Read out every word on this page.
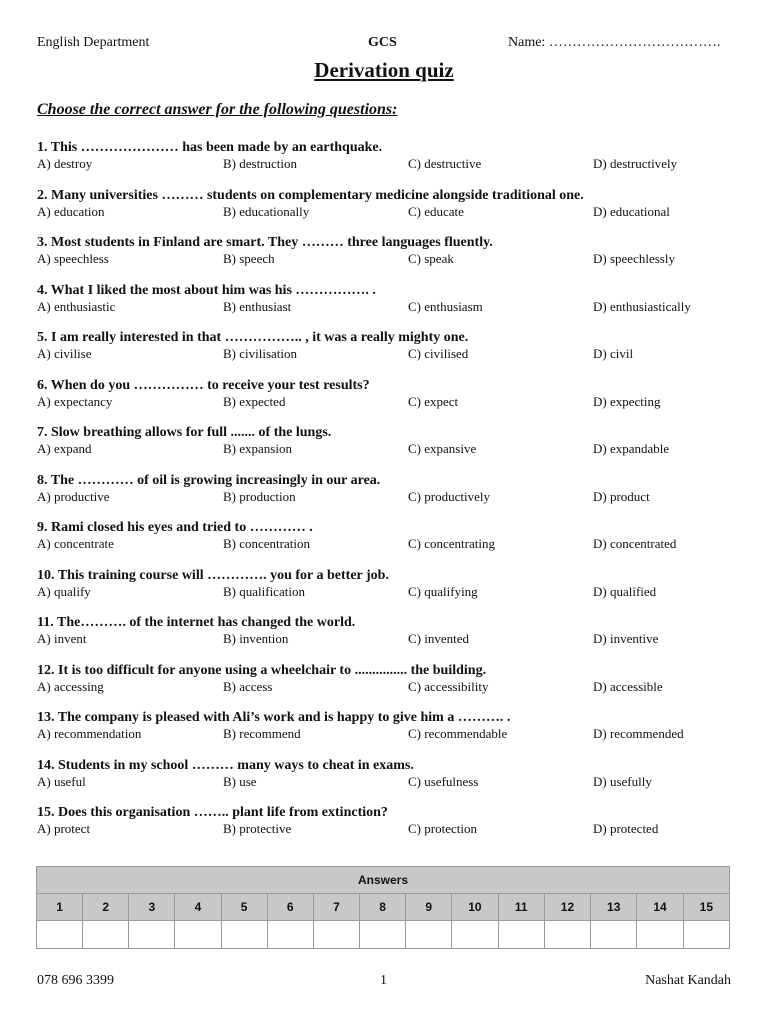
English Department	GCS	Name: ……………………………….
Derivation quiz
Choose the correct answer for the following questions:
1. This ………………… has been made by an earthquake.
A) destroy	B) destruction	C) destructive	D) destructively
2. Many universities ……… students on complementary medicine alongside traditional one.
A) education	B) educationally	C) educate	D) educational
3. Most students in Finland are smart. They ……… three languages fluently.
A) speechless	B) speech	C) speak	D) speechlessly
4. What I liked the most about him was his ……………. .
A) enthusiastic	B) enthusiast	C) enthusiasm	D) enthusiastically
5. I am really interested in that …………….. , it was a really mighty one.
A) civilise	B) civilisation	C) civilised	D) civil
6. When do you …………… to receive your test results?
A) expectancy	B) expected	C) expect	D) expecting
7. Slow breathing allows for full ....... of the lungs.
A) expand	B) expansion	C) expansive	D) expandable
8. The ………… of oil is growing increasingly in our area.
A) productive	B) production	C) productively	D) product
9. Rami closed his eyes and tried to ………… .
A) concentrate	B) concentration	C) concentrating	D) concentrated
10. This training course will …………. you for a better job.
A) qualify	B) qualification	C) qualifying	D) qualified
11. The………. of the internet has changed the world.
A) invent	B) invention	C) invented	D) inventive
12. It is too difficult for anyone using a wheelchair to ............... the building.
A) accessing	B) access	C) accessibility	D) accessible
13. The company is pleased with Ali’s work and is happy to give him a ………. .
A) recommendation	B) recommend	C) recommendable	D) recommended
14. Students in my school ……… many ways to cheat in exams.
A) useful	B) use	C) usefulness	D) usefully
15. Does this organisation …….. plant life from extinction?
A) protect	B) protective	C) protection	D) protected
Answers														
1	2	3	4	5	6	7	8	9	10	11	12	13	14	15

078 696 3399	1	Nashat Kandah
